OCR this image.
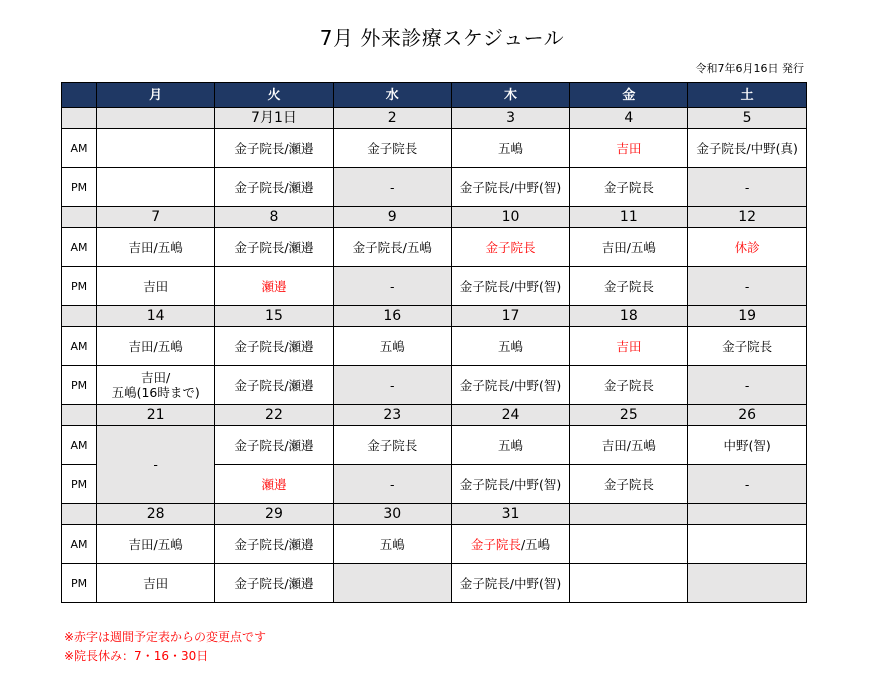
7月 外来診療スケジュール
令和7年6月16日 発行
	月	火	水	木	金	土
		7月1日	2	3	4	5
AM		金子院長/瀬邉	金子院長	五嶋	吉田	金子院長/中野(真)
PM		金子院長/瀬邉	-	金子院長/中野(智)	金子院長	-
	7	8	9	10	11	12
AM	吉田/五嶋	金子院長/瀬邉	金子院長/五嶋	金子院長	吉田/五嶋	休診
PM	吉田	瀬邉	-	金子院長/中野(智)	金子院長	-
	14	15	16	17	18	19
AM	吉田/五嶋	金子院長/瀬邉	五嶋	五嶋	吉田	金子院長
PM	吉田/
五嶋(16時まで)	金子院長/瀬邉	-	金子院長/中野(智)	金子院長	-
	21	22	23	24	25	26
AM	-	金子院長/瀬邉	金子院長	五嶋	吉田/五嶋	中野(智)
PM		瀬邉	-	金子院長/中野(智)	金子院長	-
	28	29	30	31		
AM	吉田/五嶋	金子院長/瀬邉	五嶋	金子院長/五嶋		
PM	吉田	金子院長/瀬邉		金子院長/中野(智)		
※赤字は週間予定表からの変更点です
※院長休み：7・16・30日
